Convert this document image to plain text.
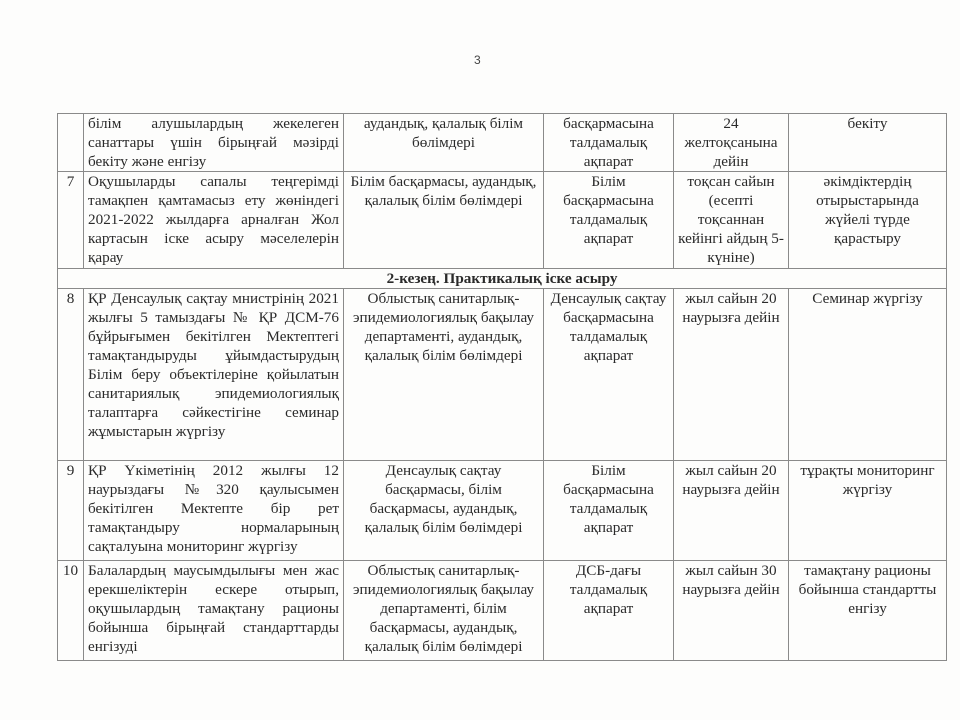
3
	білім алушылардың жекелеген санаттары үшін бірыңғай мәзірді бекіту және енгізу	аудандық, қалалық білім бөлімдері	басқармасына талдамалық ақпарат	24 желтоқсанына дейін	бекіту
7	Оқушыларды сапалы теңгерімді тамақпен қамтамасыз ету жөніндегі 2021-2022 жылдарға арналған Жол картасын іске асыру мәселелерін қарау	Білім басқармасы, аудандық, қалалық білім бөлімдері	Білім басқармасына талдамалық ақпарат	тоқсан сайын (есепті тоқсаннан кейінгі айдың 5-күніне)	әкімдіктердің отырыстарында жүйелі түрде қарастыру
2-кезең. Практикалық іске асыру					
8	ҚР Денсаулық сақтау мнистрінің 2021 жылғы 5 тамыздағы № ҚР ДСМ-76 бұйрығымен бекітілген Мектептегі тамақтандыруды ұйымдастырудың Білім беру объектілеріне қойылатын санитариялық эпидемиологиялық талаптарға сәйкестігіне семинар жұмыстарын жүргізу	Облыстық санитарлық-эпидемиологиялық бақылау департаменті, аудандық, қалалық білім бөлімдері	Денсаулық сақтау басқармасына талдамалық ақпарат	жыл сайын 20 наурызға дейін	Семинар жүргізу
9	ҚР Үкіметінің 2012 жылғы 12 наурыздағы №320 қаулысымен бекітілген Мектепте бір рет тамақтандыру нормаларының сақталуына мониторинг жүргізу	Денсаулық сақтау басқармасы, білім басқармасы, аудандық, қалалық білім бөлімдері	Білім басқармасына талдамалық ақпарат	жыл сайын 20 наурызға дейін	тұрақты мониторинг жүргізу
10	Балалардың маусымдылығы мен жас ерекшеліктерін ескере отырып, оқушылардың тамақтану рационы бойынша бірыңғай стандарттарды енгізуді	Облыстық санитарлық-эпидемиологиялық бақылау департаменті, білім басқармасы, аудандық, қалалық білім бөлімдері	ДСБ-дағы талдамалық ақпарат	жыл сайын 30 наурызға дейін	тамақтану рационы бойынша стандартты енгізу
